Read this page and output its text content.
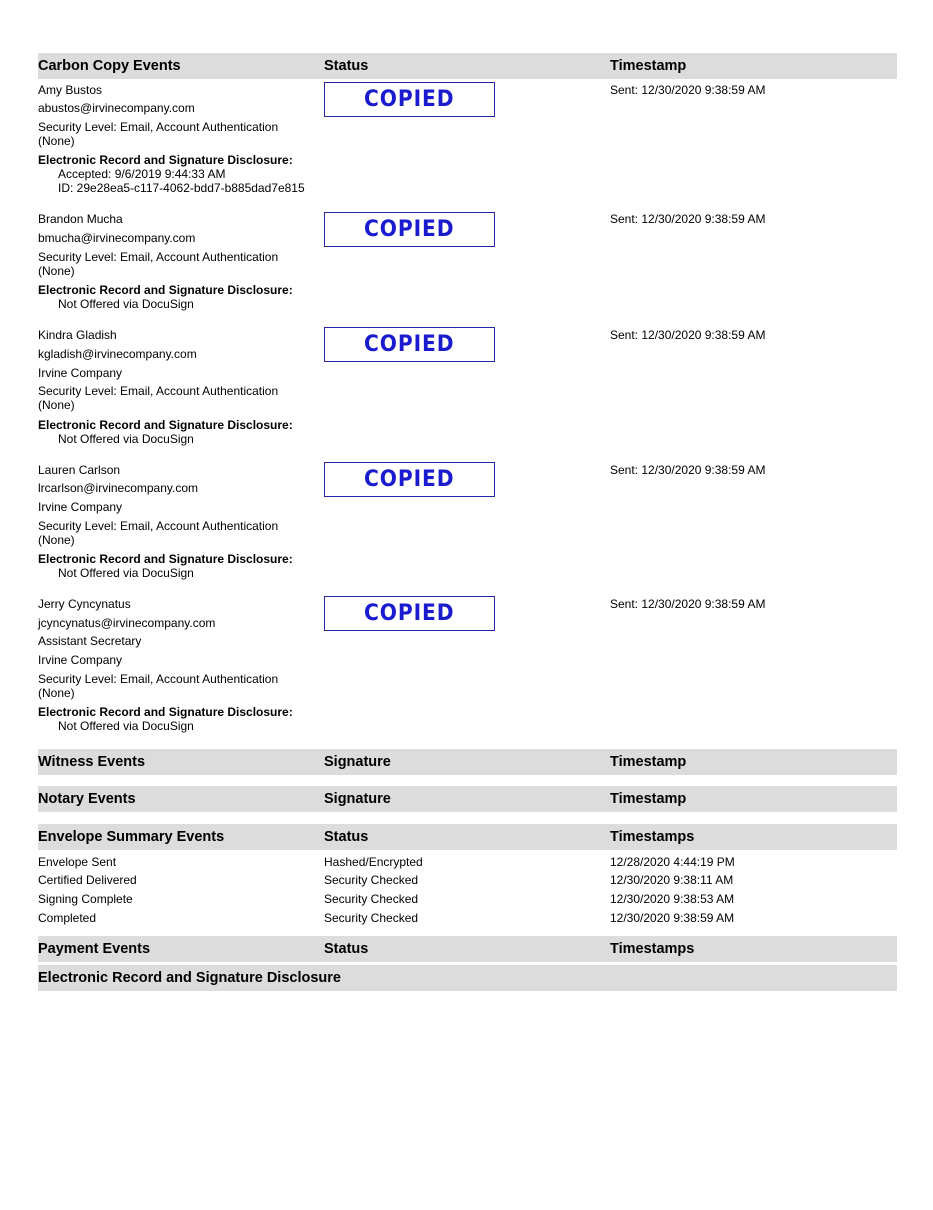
Carbon Copy Events	Status	Timestamp
Amy Bustos
abustos@irvinecompany.com
Security Level: Email, Account Authentication (None)
Electronic Record and Signature Disclosure:
Accepted: 9/6/2019 9:44:33 AM
ID: 29e28ea5-c117-4062-bdd7-b885dad7e815
COPIED	Sent: 12/30/2020 9:38:59 AM
Brandon Mucha
bmucha@irvinecompany.com
Security Level: Email, Account Authentication (None)
Electronic Record and Signature Disclosure:
Not Offered via DocuSign
COPIED	Sent: 12/30/2020 9:38:59 AM
Kindra Gladish
kgladish@irvinecompany.com
Irvine Company
Security Level: Email, Account Authentication (None)
Electronic Record and Signature Disclosure:
Not Offered via DocuSign
COPIED	Sent: 12/30/2020 9:38:59 AM
Lauren Carlson
lrcarlson@irvinecompany.com
Irvine Company
Security Level: Email, Account Authentication (None)
Electronic Record and Signature Disclosure:
Not Offered via DocuSign
COPIED	Sent: 12/30/2020 9:38:59 AM
Jerry Cyncynatus
jcyncynatus@irvinecompany.com
Assistant Secretary
Irvine Company
Security Level: Email, Account Authentication (None)
Electronic Record and Signature Disclosure:
Not Offered via DocuSign
COPIED	Sent: 12/30/2020 9:38:59 AM
Witness Events	Signature	Timestamp
Notary Events	Signature	Timestamp
Envelope Summary Events	Status	Timestamps
Envelope Sent	Hashed/Encrypted	12/28/2020 4:44:19 PM
Certified Delivered	Security Checked	12/30/2020 9:38:11 AM
Signing Complete	Security Checked	12/30/2020 9:38:53 AM
Completed	Security Checked	12/30/2020 9:38:59 AM
Payment Events	Status	Timestamps
Electronic Record and Signature Disclosure
